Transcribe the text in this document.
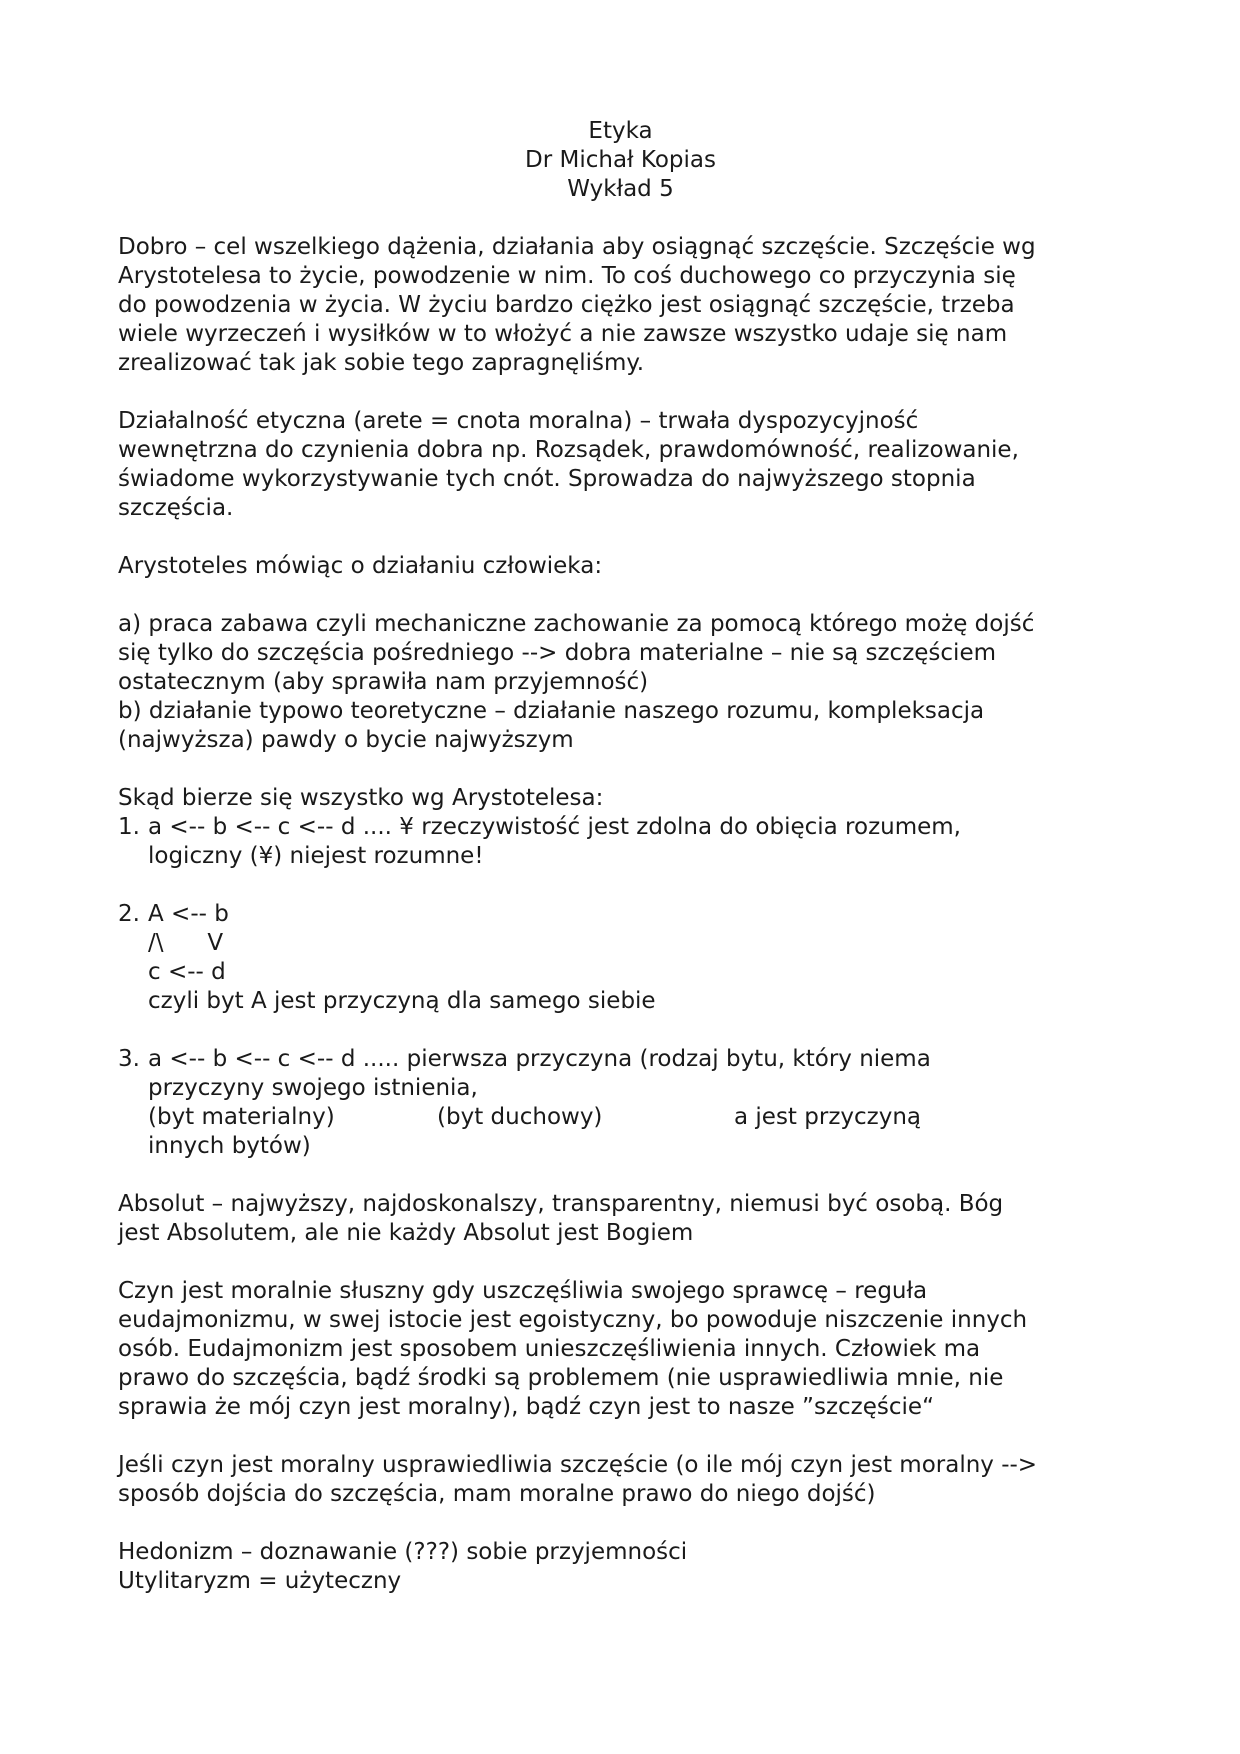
Etyka
Dr Michał Kopias
Wykład 5

Dobro – cel wszelkiego dążenia, działania aby osiągnąć szczęście. Szczęście wg
Arystotelesa to życie, powodzenie w nim. To coś duchowego co przyczynia się
do powodzenia w życia. W życiu bardzo ciężko jest osiągnąć szczęście, trzeba
wiele wyrzeczeń i wysiłków w to włożyć a nie zawsze wszystko udaje się nam
zrealizować tak jak sobie tego zapragnęliśmy.

Działalność etyczna (arete = cnota moralna) – trwała dyspozycyjność
wewnętrzna do czynienia dobra np. Rozsądek, prawdomówność, realizowanie,
świadome wykorzystywanie tych cnót. Sprowadza do najwyższego stopnia
szczęścia.

Arystoteles mówiąc o działaniu człowieka:

a) praca zabawa czyli mechaniczne zachowanie za pomocą którego możę dojść
się tylko do szczęścia pośredniego --> dobra materialne – nie są szczęściem
ostatecznym (aby sprawiła nam przyjemność)
b) działanie typowo teoretyczne – działanie naszego rozumu, kompleksacja
(najwyższa) pawdy o bycie najwyższym

Skąd bierze się wszystko wg Arystotelesa:

1. a <-- b <-- c <-- d .... ¥ rzeczywistość jest zdolna do obięcia rozumem,
logiczny (¥) niejest rozumne!
2. A <-- b
/\      V
c <-- d
czyli byt A jest przyczyną dla samego siebie
3. a <-- b <-- c <-- d ..... pierwsza przyczyna (rodzaj bytu, który niema
przyczyny swojego istnienia,
(byt materialny)              (byt duchowy)                  a jest przyczyną
innych bytów)

Absolut – najwyższy, najdoskonalszy, transparentny, niemusi być osobą. Bóg
jest Absolutem, ale nie każdy Absolut jest Bogiem

Czyn jest moralnie słuszny gdy uszczęśliwia swojego sprawcę – reguła
eudajmonizmu, w swej istocie jest egoistyczny, bo powoduje niszczenie innych
osób. Eudajmonizm jest sposobem unieszczęśliwienia innych. Człowiek ma
prawo do szczęścia, bądź środki są problemem (nie usprawiedliwia mnie, nie
sprawia że mój czyn jest moralny), bądź czyn jest to nasze ”szczęście“

Jeśli czyn jest moralny usprawiedliwia szczęście (o ile mój czyn jest moralny -->
sposób dojścia do szczęścia, mam moralne prawo do niego dojść)

Hedonizm – doznawanie (???) sobie przyjemności
Utylitaryzm = użyteczny
